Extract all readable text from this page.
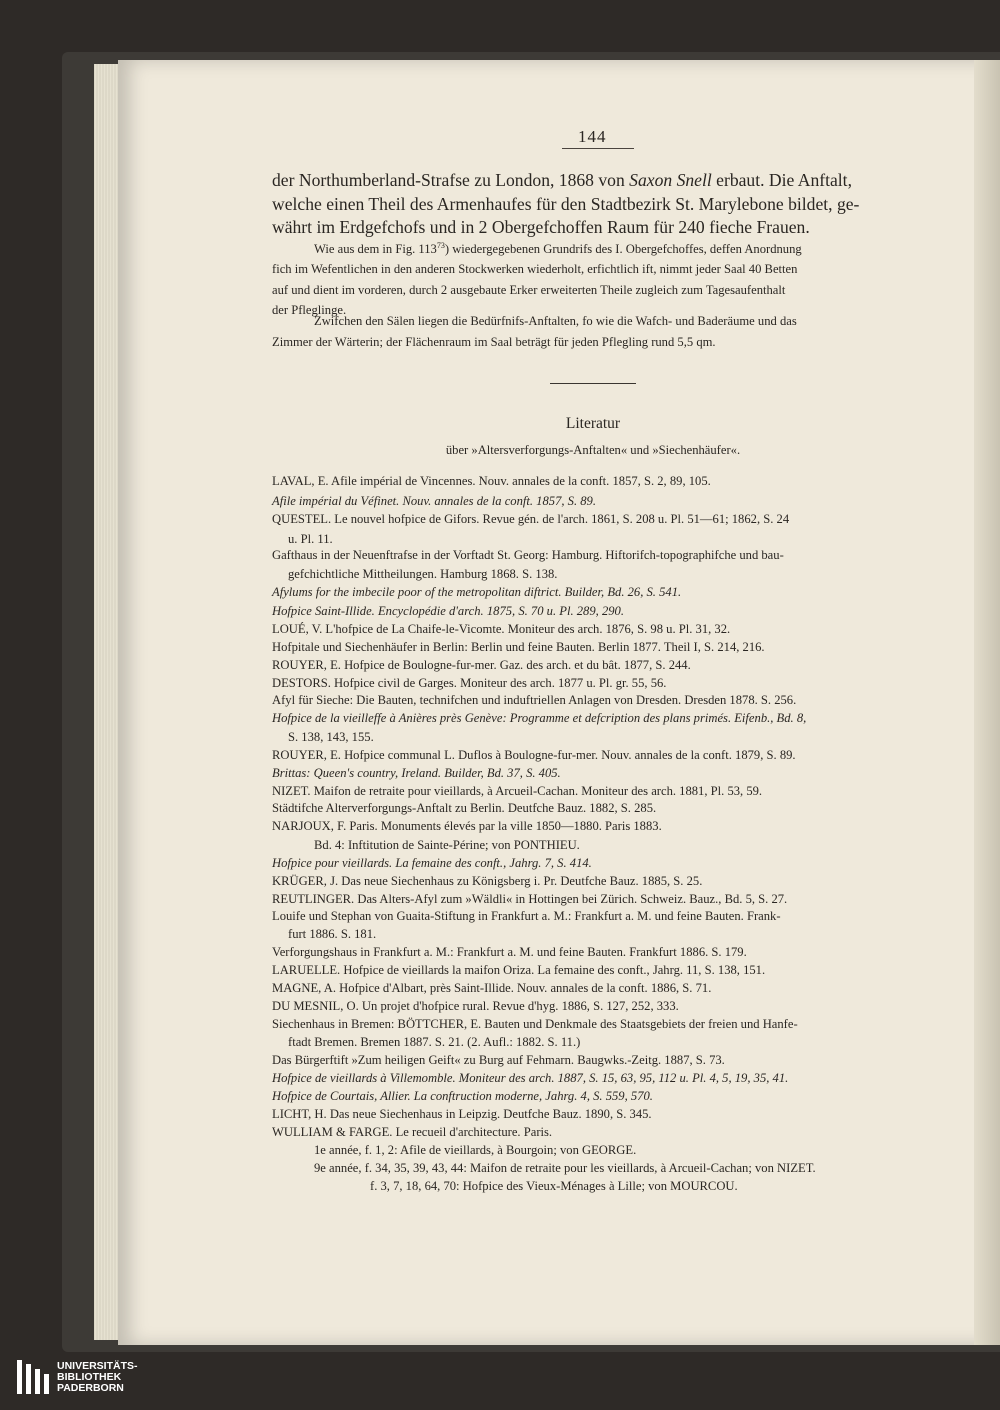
144
der Northumberland-Strafse zu London, 1868 von Saxon Snell erbaut. Die Anftalt,
welche einen Theil des Armenhaufes für den Stadtbezirk St. Marylebone bildet, ge-
währt im Erdgefchofs und in 2 Obergefchoffen Raum für 240 fieche Frauen.
Wie aus dem in Fig. $113^{73}$) wiedergegebenen Grundrifs des I. Obergefchoffes, deffen Anordnung
fich im Wefentlichen in den anderen Stockwerken wiederholt, erfichtlich ift, nimmt jeder Saal 40 Betten
auf und dient im vorderen, durch 2 ausgebaute Erker erweiterten Theile zugleich zum Tagesaufenthalt
der Pfleglinge.
Zwifchen den Sälen liegen die Bedürfnifs-Anftalten, fo wie die Wafch- und Baderäume und das
Zimmer der Wärterin; der Flächenraum im Saal beträgt für jeden Pflegling rund 5,5 qm.
Literatur
über »Altersverforgungs-Anftalten« und »Siechenhäufer«.
LAVAL, E. Afile impérial de Vincennes. Nouv. annales de la conft. 1857, S. 2, 89, 105.
Afile impérial du Véfinet. Nouv. annales de la conft. 1857, S. 89.
QUESTEL. Le nouvel hofpice de Gifors. Revue gén. de l'arch. 1861, S. 208 u. Pl. 51—61; 1862, S. 24
u. Pl. 11.
Gafthaus in der Neuenftrafse in der Vorftadt St. Georg: Hamburg. Hiftorifch-topographifche und bau-
gefchichtliche Mittheilungen. Hamburg 1868. S. 138.
Afylums for the imbecile poor of the metropolitan diftrict. Builder, Bd. 26, S. 541.
Hofpice Saint-Illide. Encyclopédie d'arch. 1875, S. 70 u. Pl. 289, 290.
LOUÉ, V. L'hofpice de La Chaife-le-Vicomte. Moniteur des arch. 1876, S. 98 u. Pl. 31, 32.
Hofpitale und Siechenhäufer in Berlin: Berlin und feine Bauten. Berlin 1877. Theil I, S. 214, 216.
ROUYER, E. Hofpice de Boulogne-fur-mer. Gaz. des arch. et du bât. 1877, S. 244.
DESTORS. Hofpice civil de Garges. Moniteur des arch. 1877 u. Pl. gr. 55, 56.
Afyl für Sieche: Die Bauten, technifchen und induftriellen Anlagen von Dresden. Dresden 1878. S. 256.
Hofpice de la vieilleffe à Anières près Genève: Programme et defcription des plans primés. Eifenb., Bd. 8,
S. 138, 143, 155.
ROUYER, E. Hofpice communal L. Duflos à Boulogne-fur-mer. Nouv. annales de la conft. 1879, S. 89.
Brittas: Queen's country, Ireland. Builder, Bd. 37, S. 405.
NIZET. Maifon de retraite pour vieillards, à Arcueil-Cachan. Moniteur des arch. 1881, Pl. 53, 59.
Städtifche Alterverforgungs-Anftalt zu Berlin. Deutfche Bauz. 1882, S. 285.
NARJOUX, F. Paris. Monuments élevés par la ville 1850—1880. Paris 1883.
Bd. 4: Inftitution de Sainte-Périne; von PONTHIEU.
Hofpice pour vieillards. La femaine des conft., Jahrg. 7, S. 414.
KRÜGER, J. Das neue Siechenhaus zu Königsberg i. Pr. Deutfche Bauz. 1885, S. 25.
REUTLINGER. Das Alters-Afyl zum »Wäldli« in Hottingen bei Zürich. Schweiz. Bauz., Bd. 5, S. 27.
Louife und Stephan von Guaita-Stiftung in Frankfurt a. M.: Frankfurt a. M. und feine Bauten. Frank-
furt 1886. S. 181.
Verforgungshaus in Frankfurt a. M.: Frankfurt a. M. und feine Bauten. Frankfurt 1886. S. 179.
LARUELLE. Hofpice de vieillards la maifon Oriza. La femaine des conft., Jahrg. 11, S. 138, 151.
MAGNE, A. Hofpice d'Albart, près Saint-Illide. Nouv. annales de la conft. 1886, S. 71.
DU MESNIL, O. Un projet d'hofpice rural. Revue d'hyg. 1886, S. 127, 252, 333.
Siechenhaus in Bremen: BÖTTCHER, E. Bauten und Denkmale des Staatsgebiets der freien und Hanfe-
ftadt Bremen. Bremen 1887. S. 21. (2. Aufl.: 1882. S. 11.)
Das Bürgerftift »Zum heiligen Geift« zu Burg auf Fehmarn. Baugwks.-Zeitg. 1887, S. 73.
Hofpice de vieillards à Villemomble. Moniteur des arch. 1887, S. 15, 63, 95, 112 u. Pl. 4, 5, 19, 35, 41.
Hofpice de Courtais, Allier. La conftruction moderne, Jahrg. 4, S. 559, 570.
LICHT, H. Das neue Siechenhaus in Leipzig. Deutfche Bauz. 1890, S. 345.
WULLIAM & FARGE. Le recueil d'architecture. Paris.
1e année, f. 1, 2: Afile de vieillards, à Bourgoin; von GEORGE.
9e année, f. 34, 35, 39, 43, 44: Maifon de retraite pour les vieillards, à Arcueil-Cachan; von NIZET.
f. 3, 7, 18, 64, 70: Hofpice des Vieux-Ménages à Lille; von MOURCOU.
UNIVERSITÄTS-
BIBLIOTHEK
PADERBORN
